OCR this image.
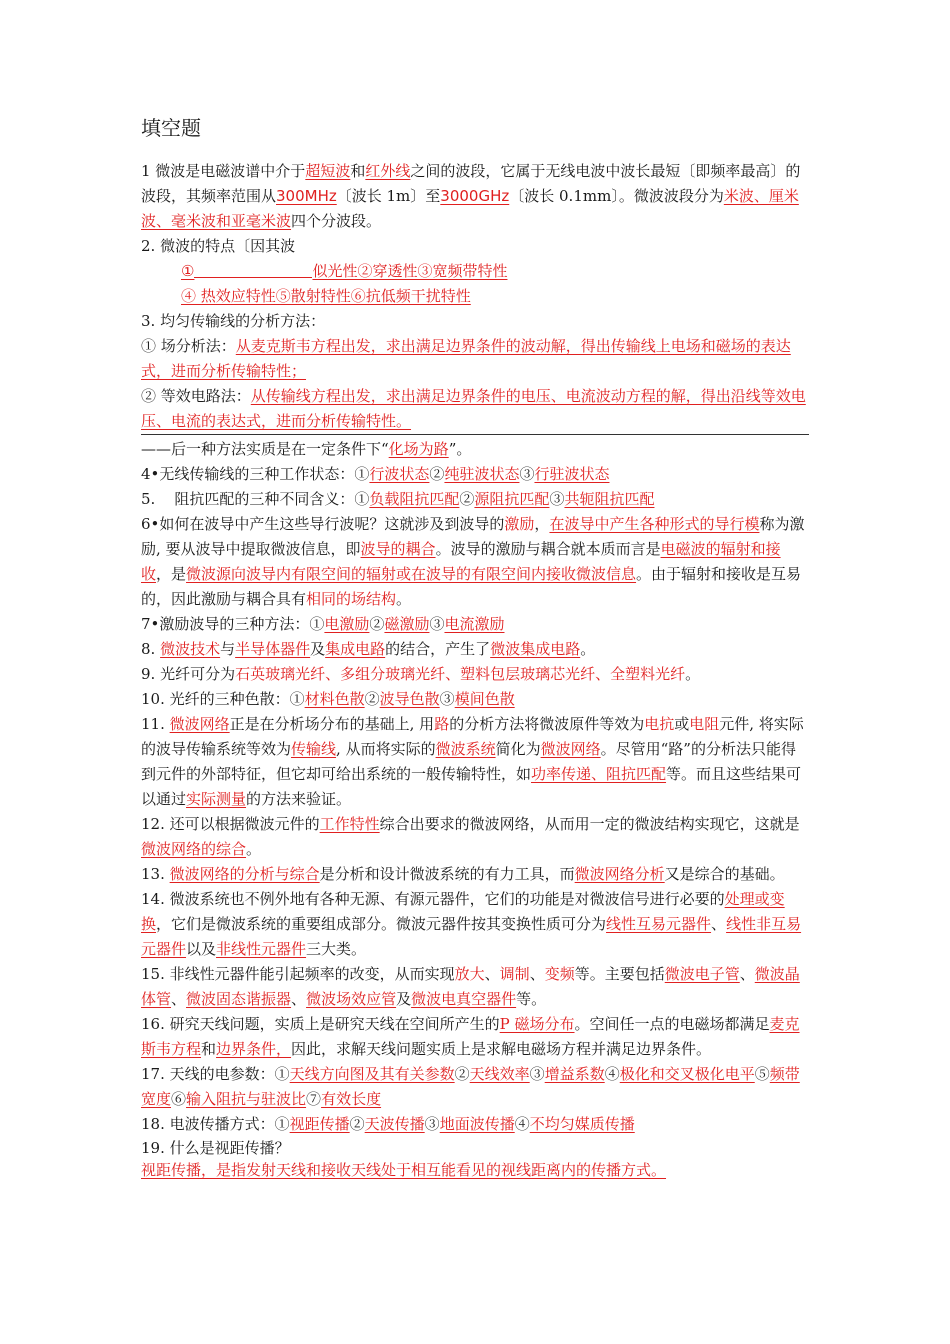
填空题

1 微波是电磁波谱中介于超短波和红外线之间的波段，它属于无线电波中波长最短〔即频率最高〕的波段，其频率范围从300MHz〔波长 1m〕至3000GHz〔波长 0.1mm〕。微波波段分为米波、厘米波、毫米波和亚毫米波四个分波段。

2. 微波的特点〔因其波

①	似光性②穿透性③宽频带特性

④ 热效应特性⑤散射特性⑥抗低频干扰特性

3. 均匀传输线的分析方法：

① 场分析法：从麦克斯韦方程出发，求出满足边界条件的波动解，得出传输线上电场和磁场的表达式，进而分析传输特性；

② 等效电路法：从传输线方程出发，求出满足边界条件的电压、电流波动方程的解，得出沿线等效电压、电流的表达式，进而分析传输特性。

——后一种方法实质是在一定条件下“化场为路”。

4•无线传输线的三种工作状态：①行波状态②纯驻波状态③行驻波状态

5.    阻抗匹配的三种不同含义：①负载阻抗匹配②源阻抗匹配③共轭阻抗匹配

6•如何在波导中产生这些导行波呢？这就涉及到波导的激励，在波导中产生各种形式的导行模称为激励, 要从波导中提取微波信息，即波导的耦合。波导的激励与耦合就本质而言是电磁波的辐射和接收，是微波源向波导内有限空间的辐射或在波导的有限空间内接收微波信息。由于辐射和接收是互易的，因此激励与耦合具有相同的场结构。

7•激励波导的三种方法：①电激励②磁激励③电流激励

8. 微波技术与半导体器件及集成电路的结合，产生了微波集成电路。

9. 光纤可分为石英玻璃光纤、多组分玻璃光纤、塑料包层玻璃芯光纤、全塑料光纤。

10. 光纤的三种色散：①材料色散②波导色散③模间色散

11. 微波网络正是在分析场分布的基础上, 用路的分析方法将微波原件等效为电抗或电阻元件, 将实际的波导传输系统等效为传输线, 从而将实际的微波系统简化为微波网络。尽管用“路”的分析法只能得到元件的外部特征，但它却可给出系统的一般传输特性，如功率传递、阻抗匹配等。而且这些结果可以通过实际测量的方法来验证。

12. 还可以根据微波元件的工作特性综合出要求的微波网络，从而用一定的微波结构实现它，这就是微波网络的综合。

13. 微波网络的分析与综合是分析和设计微波系统的有力工具，而微波网络分析又是综合的基础。

14. 微波系统也不例外地有各种无源、有源元器件，它们的功能是对微波信号进行必要的处理或变换，它们是微波系统的重要组成部分。微波元器件按其变换性质可分为线性互易元器件、线性非互易元器件以及非线性元器件三大类。

15. 非线性元器件能引起频率的改变，从而实现放大、调制、变频等。主要包括微波电子管、微波晶体管、微波固态谐振器、微波场效应管及微波电真空器件等。

16. 研究天线问题，实质上是研究天线在空间所产生的P 磁场分布。空间任一点的电磁场都满足麦克斯韦方程和边界条件，因此，求解天线问题实质上是求解电磁场方程并满足边界条件。

17. 天线的电参数：①天线方向图及其有关参数②天线效率③增益系数④极化和交叉极化电平⑤频带宽度⑥输入阻抗与驻波比⑦有效长度

18. 电波传播方式：①视距传播②天波传播③地面波传播④不均匀媒质传播

19. 什么是视距传播？

视距传播，是指发射天线和接收天线处于相互能看见的视线距离内的传播方式。
